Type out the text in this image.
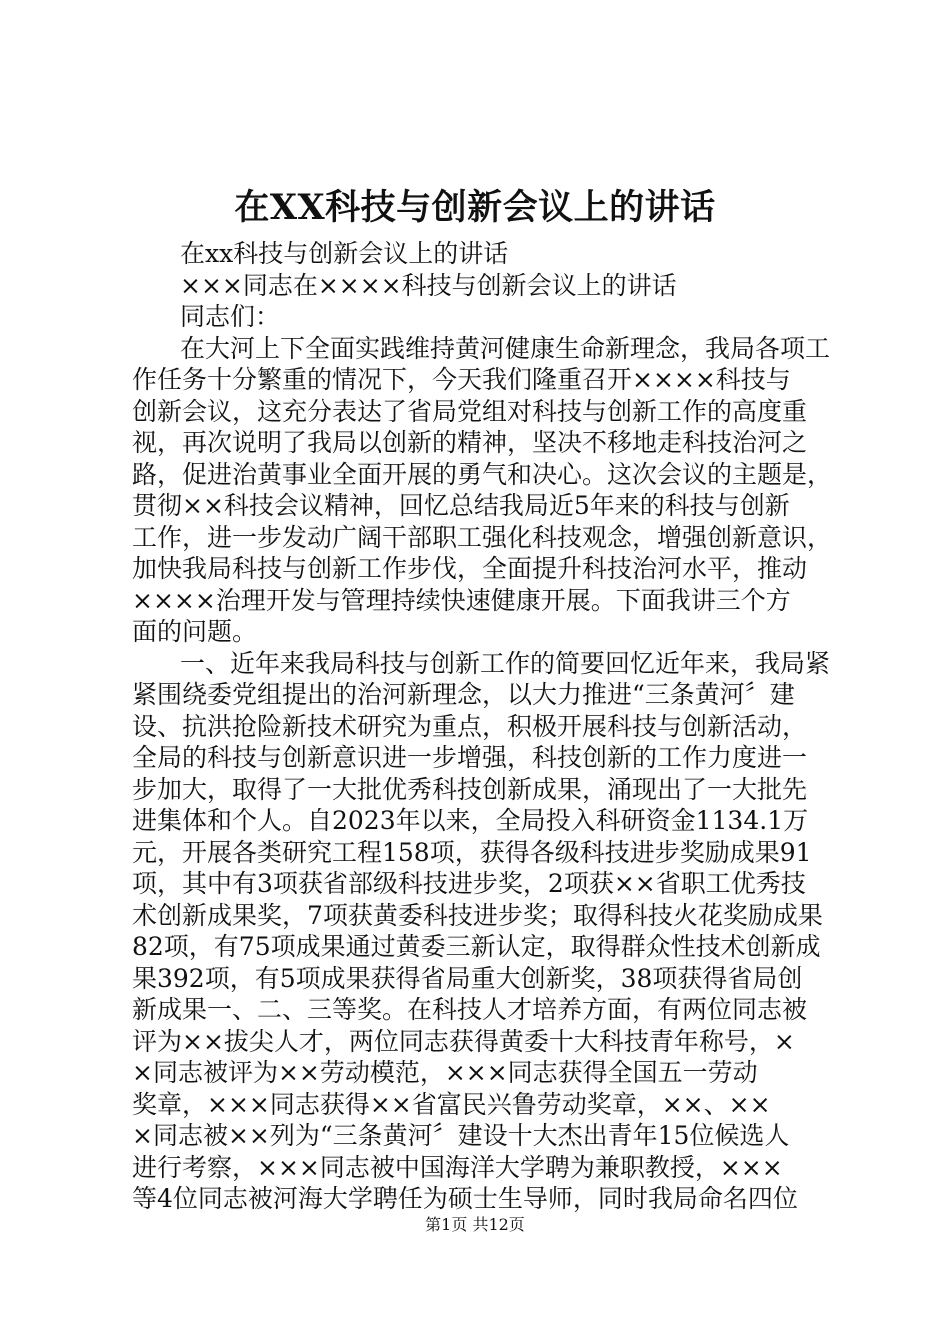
在XX科技与创新会议上的讲话
在xx科技与创新会议上的讲话
×××同志在××××科技与创新会议上的讲话
同志们：
在大河上下全面实践维持黄河健康生命新理念，我局各项工
作任务十分繁重的情况下，今天我们隆重召开××××科技与
创新会议，这充分表达了省局党组对科技与创新工作的高度重
视，再次说明了我局以创新的精神，坚决不移地走科技治河之
路，促进治黄事业全面开展的勇气和决心。这次会议的主题是，
贯彻××科技会议精神，回忆总结我局近5年来的科技与创新
工作，进一步发动广阔干部职工强化科技观念，增强创新意识，
加快我局科技与创新工作步伐，全面提升科技治河水平，推动
××××治理开发与管理持续快速健康开展。下面我讲三个方
面的问题。
一、近年来我局科技与创新工作的简要回忆近年来，我局紧
紧围绕委党组提出的治河新理念，以大力推进“三条黄河〞建
设、抗洪抢险新技术研究为重点，积极开展科技与创新活动，
全局的科技与创新意识进一步增强，科技创新的工作力度进一
步加大，取得了一大批优秀科技创新成果，涌现出了一大批先
进集体和个人。自2023年以来，全局投入科研资金1134.1万
元，开展各类研究工程158项，获得各级科技进步奖励成果91
项，其中有3项获省部级科技进步奖，2项获××省职工优秀技
术创新成果奖，7项获黄委科技进步奖；取得科技火花奖励成果
82项，有75项成果通过黄委三新认定，取得群众性技术创新成
果392项，有5项成果获得省局重大创新奖，38项获得省局创
新成果一、二、三等奖。在科技人才培养方面，有两位同志被
评为××拔尖人才，两位同志获得黄委十大科技青年称号，×
×同志被评为××劳动模范，×××同志获得全国五一劳动
奖章，×××同志获得××省富民兴鲁劳动奖章，××、××
×同志被××列为“三条黄河〞建设十大杰出青年15位候选人
进行考察，×××同志被中国海洋大学聘为兼职教授，×××
等4位同志被河海大学聘任为硕士生导师，同时我局命名四位
第1页 共12页
